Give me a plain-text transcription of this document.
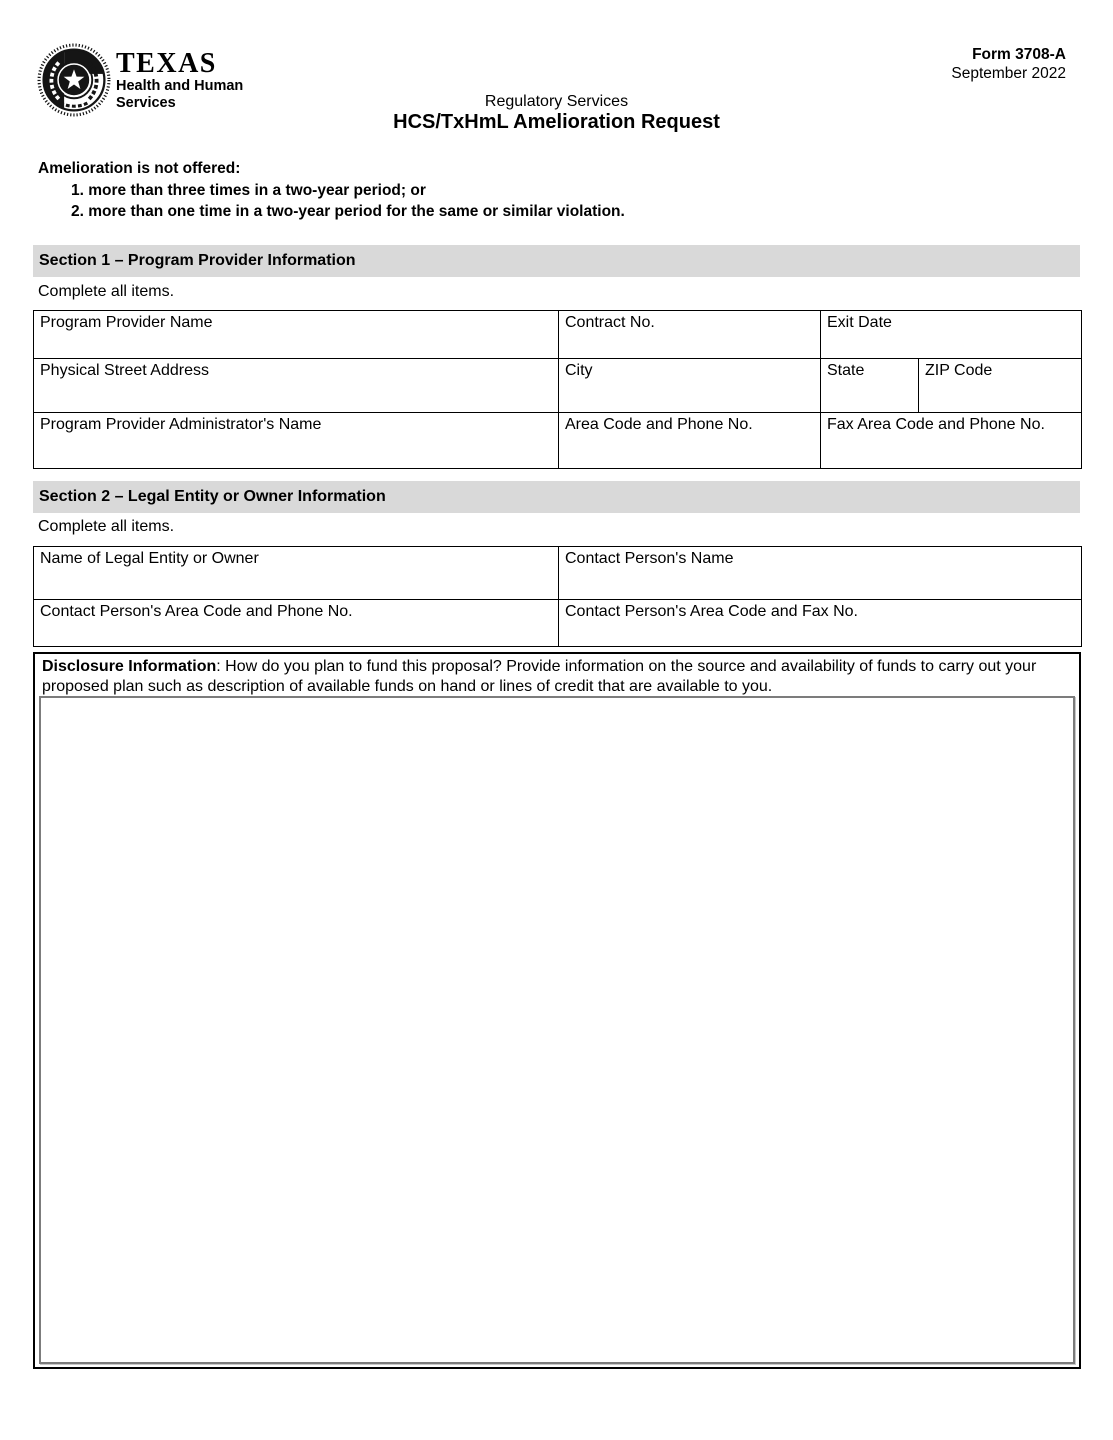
TEXAS
Health and Human
Services
Form 3708-A
September 2022
Regulatory Services
HCS/TxHmL Amelioration Request
Amelioration is not offered:
1. more than three times in a two-year period; or
2. more than one time in a two-year period for the same or similar violation.
Section 1 – Program Provider Information
Complete all items.
Program Provider Name	Contract No.	Exit Date	
Physical Street Address	City	State	ZIP Code
Program Provider Administrator's Name	Area Code and Phone No.	Fax Area Code and Phone No.	
Section 2 – Legal Entity or Owner Information
Complete all items.
Name of Legal Entity or Owner	Contact Person's Name
Contact Person's Area Code and Phone No.	Contact Person's Area Code and Fax No.

Disclosure Information: How do you plan to fund this proposal? Provide information on the source and availability of funds to carry out your proposed plan such as description of available funds on hand or lines of credit that are available to you.
